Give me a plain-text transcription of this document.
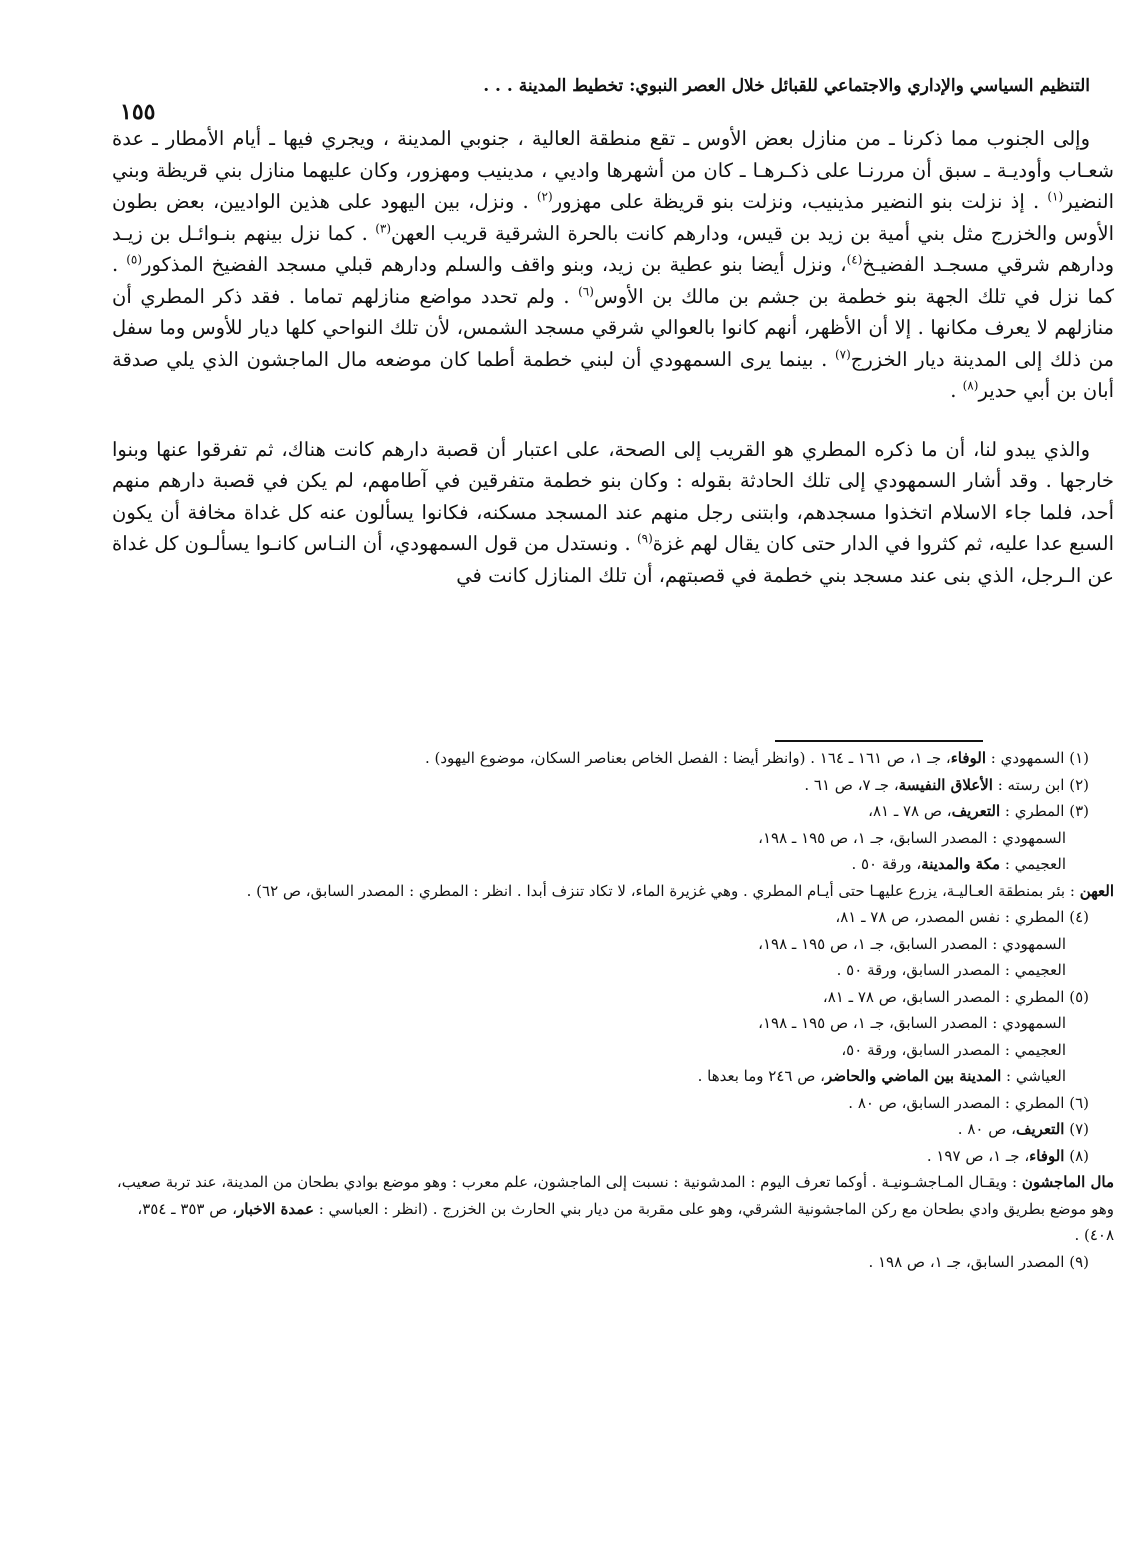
التنظيم السياسي والإداري والاجتماعي للقبائل خلال العصر النبوي: تخطيط المدينة . . .
١٥٥

وإلى الجنوب مما ذكرنا ـ من منازل بعض الأوس ـ تقع منطقة العالية ، جنوبي المدينة ، ويجري فيها ـ أيام الأمطار ـ عدة شعـاب وأوديـة ـ سبق أن مررنـا على ذكـرهـا ـ كان من أشهرها واديي ، مدينيب ومهزور، وكان عليهما منازل بني قريظة وبني النضير$^{(١)}$ . إذ نزلت بنو النضير مذينيب، ونزلت بنو قريظة على مهزور$^{(٢)}$ . ونزل، بين اليهود على هذين الواديين، بعض بطون الأوس والخزرج مثل بني أمية بن زيد بن قيس، ودارهم كانت بالحرة الشرقية قريب العهن$^{(٣)}$ . كما نزل بينهم بنـوائـل بن زيـد ودارهم شرقي مسجـد الفضيـخ$^{(٤)}$، ونزل أيضا بنو عطية بن زيد، وبنو واقف والسلم ودارهم قبلي مسجد الفضيخ المذكور$^{(٥)}$ . كما نزل في تلك الجهة بنو خطمة بن جشم بن مالك بن الأوس$^{(٦)}$ . ولم تحدد مواضع منازلهم تماما . فقد ذكر المطري أن منازلهم لا يعرف مكانها . إلا أن الأظهر، أنهم كانوا بالعوالي شرقي مسجد الشمس، لأن تلك النواحي كلها ديار للأوس وما سفل من ذلك إلى المدينة ديار الخزرج$^{(٧)}$ . بينما يرى السمهودي أن لبني خطمة أطما كان موضعه مال الماجشون الذي يلي صدقة أبان بن أبي حدير$^{(٨)}$ .

والذي يبدو لنا، أن ما ذكره المطري هو القريب إلى الصحة، على اعتبار أن قصبة دارهم كانت هناك، ثم تفرقوا عنها وبنوا خارجها . وقد أشار السمهودي إلى تلك الحادثة بقوله : وكان بنو خطمة متفرقين في آطامهم، لم يكن في قصبة دارهم منهم أحد، فلما جاء الاسلام اتخذوا مسجدهم، وابتنى رجل منهم عند المسجد مسكنه، فكانوا يسألون عنه كل غداة مخافة أن يكون السبع عدا عليه، ثم كثروا في الدار حتى كان يقال لهم غزة$^{(٩)}$ . ونستدل من قول السمهودي، أن النـاس كانـوا يسألـون كل غداة عن الـرجل، الذي بنى عند مسجد بني خطمة في قصبتهم، أن تلك المنازل كانت في

(١) السمهودي : الوفاء، جـ ١، ص ١٦١ ـ ١٦٤ . (وانظر أيضا : الفصل الخاص بعناصر السكان، موضوع اليهود) .

(٢) ابن رسته : الأعلاق النفيسة، جـ ٧، ص ٦١ .

(٣) المطري : التعريف، ص ٧٨ ـ ٨١،

السمهودي : المصدر السابق، جـ ١، ص ١٩٥ ـ ١٩٨،

العجيمي : مكة والمدينة، ورقة ٥٠ .

العهن : بئر بمنطقة العـاليـة، يزرع عليهـا حتى أيـام المطري . وهي غزيرة الماء، لا تكاد تنزف أبدا . انظر : المطري : المصدر السابق، ص ٦٢) .

(٤) المطري : نفس المصدر، ص ٧٨ ـ ٨١،

السمهودي : المصدر السابق، جـ ١، ص ١٩٥ ـ ١٩٨،

العجيمي : المصدر السابق، ورقة ٥٠ .

(٥) المطري : المصدر السابق، ص ٧٨ ـ ٨١،

السمهودي : المصدر السابق، جـ ١، ص ١٩٥ ـ ١٩٨،

العجيمي : المصدر السابق، ورقة ٥٠،

العياشي : المدينة بين الماضي والحاضر، ص ٢٤٦ وما بعدها .

(٦) المطري : المصدر السابق، ص ٨٠ .

(٧) التعريف، ص ٨٠ .

(٨) الوفاء، جـ ١، ص ١٩٧ .

مال الماجشون : ويقـال المـاجشـونيـة . أوكما تعرف اليوم : المدشونية : نسبت إلى الماجشون، علم معرب : وهو موضع بوادي بطحان من المدينة، عند تربة صعيب، وهو موضع بطريق وادي بطحان مع ركن الماجشونية الشرقي، وهو على مقربة من ديار بني الحارث بن الخزرج . (انظر : العباسي : عمدة الاخبار، ص ٣٥٣ ـ ٣٥٤، ٤٠٨) .

(٩) المصدر السابق، جـ ١، ص ١٩٨ .
